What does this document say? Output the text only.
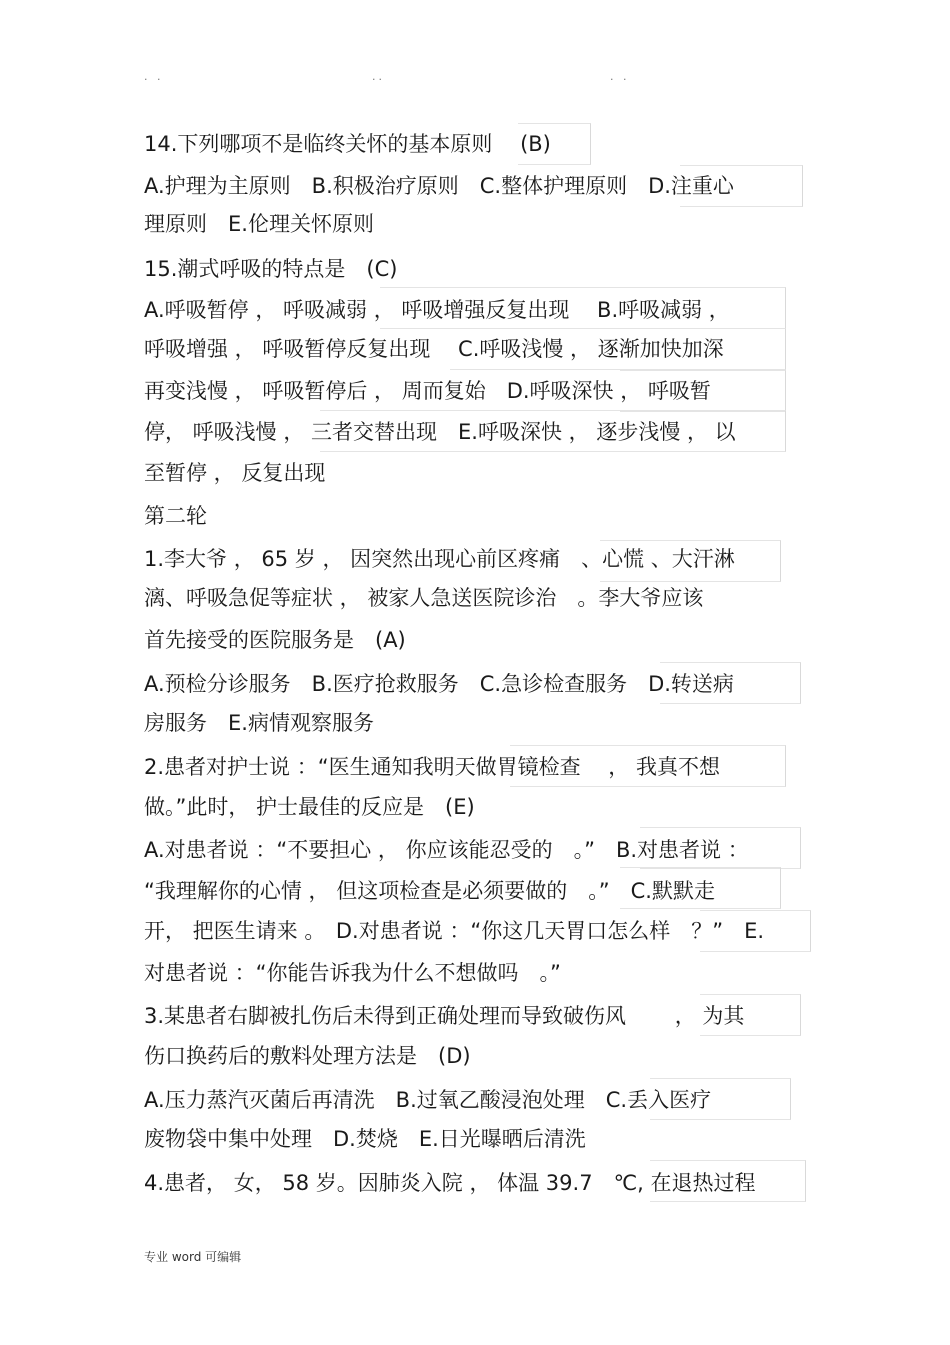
. .	..	. .
14.下列哪项不是临终关怀的基本原则　 (B)
A.护理为主原则　B.积极治疗原则　C.整体护理原则　D.注重心
理原则　E.伦理关怀原则
15.潮式呼吸的特点是　(C)
A.呼吸暂停 ， 呼吸减弱 ， 呼吸增强反复出现　 B.呼吸减弱 ，
呼吸增强 ， 呼吸暂停反复出现　 C.呼吸浅慢 ， 逐渐加快加深
再变浅慢 ， 呼吸暂停后 ， 周而复始　D.呼吸深快 ， 呼吸暂
停， 呼吸浅慢 ， 三者交替出现　E.呼吸深快 ， 逐步浅慢 ， 以
至暂停 ， 反复出现
第二轮
1.李大爷 ， 65 岁 ， 因突然出现心前区疼痛　、心慌 、大汗淋
漓、呼吸急促等症状 ， 被家人急送医院诊治　。李大爷应该
首先接受的医院服务是　(A)
A.预检分诊服务　B.医疗抢救服务　C.急诊检查服务　D.转送病
房服务　E.病情观察服务
2.患者对护士说 ：“医生通知我明天做胃镜检查　 ， 我真不想
做。”此时， 护士最佳的反应是　(E)
A.对患者说 ：“不要担心 ， 你应该能忍受的　。”　B.对患者说 ：
“我理解你的心情 ， 但这项检查是必须要做的　。”　C.默默走
开， 把医生请来 。　D.对患者说 ：“你这几天胃口怎么样　？”　E.
对患者说 ：“你能告诉我为什么不想做吗　。”
3.某患者右脚被扎伤后未得到正确处理而导致破伤风　　 ， 为其
伤口换药后的敷料处理方法是　(D)
A.压力蒸汽灭菌后再清洗　B.过氧乙酸浸泡处理　C.丢入医疗
废物袋中集中处理　D.焚烧　E.日光曝晒后清洗
4.患者， 女， 58 岁。因肺炎入院 ， 体温 39.7　℃, 在退热过程
专业 word 可编辑
